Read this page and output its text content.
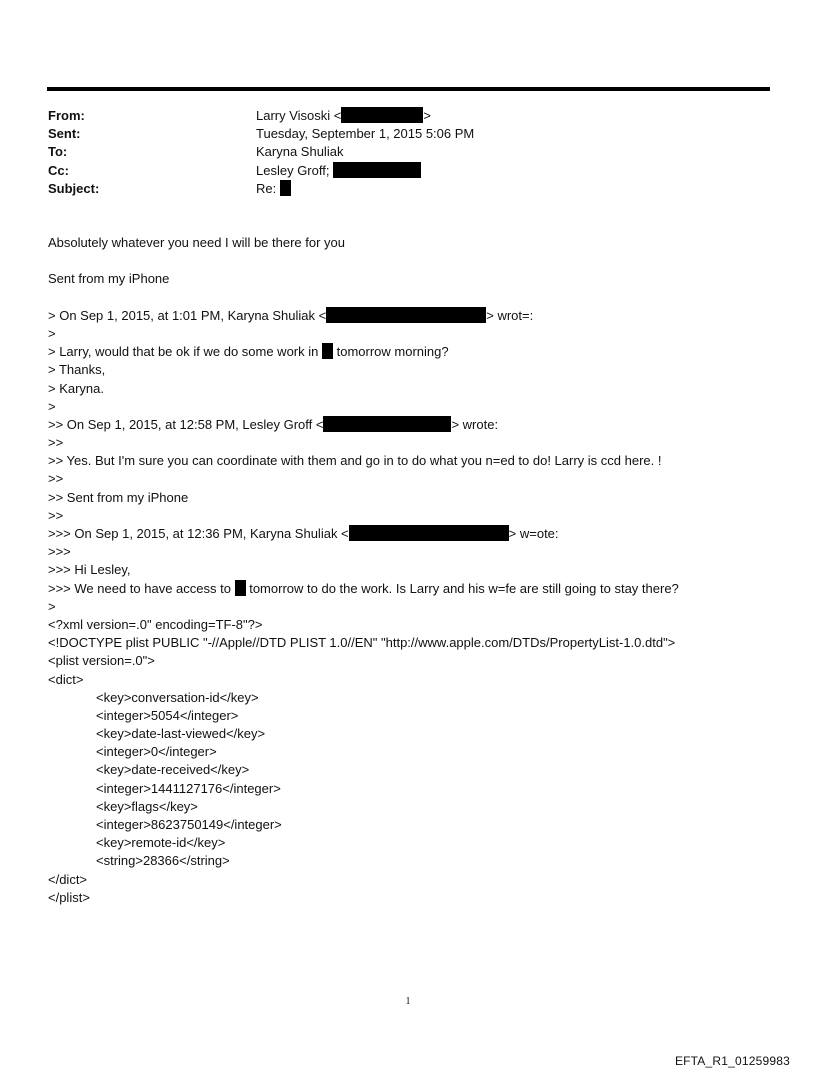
From:	Larry Visoski <	>
Sent:	Tuesday, September 1, 2015 5:06 PM
To:	Karyna Shuliak
Cc:	Lesley Groff;
Subject:	Re:
Absolutely whatever you need I will be there for you
Sent from my iPhone
> On Sep 1, 2015, at 1:01 PM, Karyna Shuliak <	> wrot=:
>
> Larry, would that be ok if we do some work in tomorrow morning?
> Thanks,
> Karyna.
>
>> On Sep 1, 2015, at 12:58 PM, Lesley Groff <	> wrote:
>>
>> Yes. But I'm sure you can coordinate with them and go in to do what you n=ed to do! Larry is ccd here. !
>>
>> Sent from my iPhone
>>
>>> On Sep 1, 2015, at 12:36 PM, Karyna Shuliak <	> w=ote:
>>>
>>> Hi Lesley,
>>> We need to have access to tomorrow to do the work. Is Larry and his w=fe are still going to stay there?
>
<?xml version=.0" encoding=TF-8"?>
<!DOCTYPE plist PUBLIC "-//Apple//DTD PLIST 1.0//EN" "http://www.apple.com/DTDs/PropertyList-1.0.dtd">
<plist version=.0">
<dict>
<key>conversation-id</key>
<integer>5054</integer>
<key>date-last-viewed</key>
<integer>0</integer>
<key>date-received</key>
<integer>1441127176</integer>
<key>flags</key>
<integer>8623750149</integer>
<key>remote-id</key>
<string>28366</string>
</dict>
</plist>
1
EFTA_R1_01259983
